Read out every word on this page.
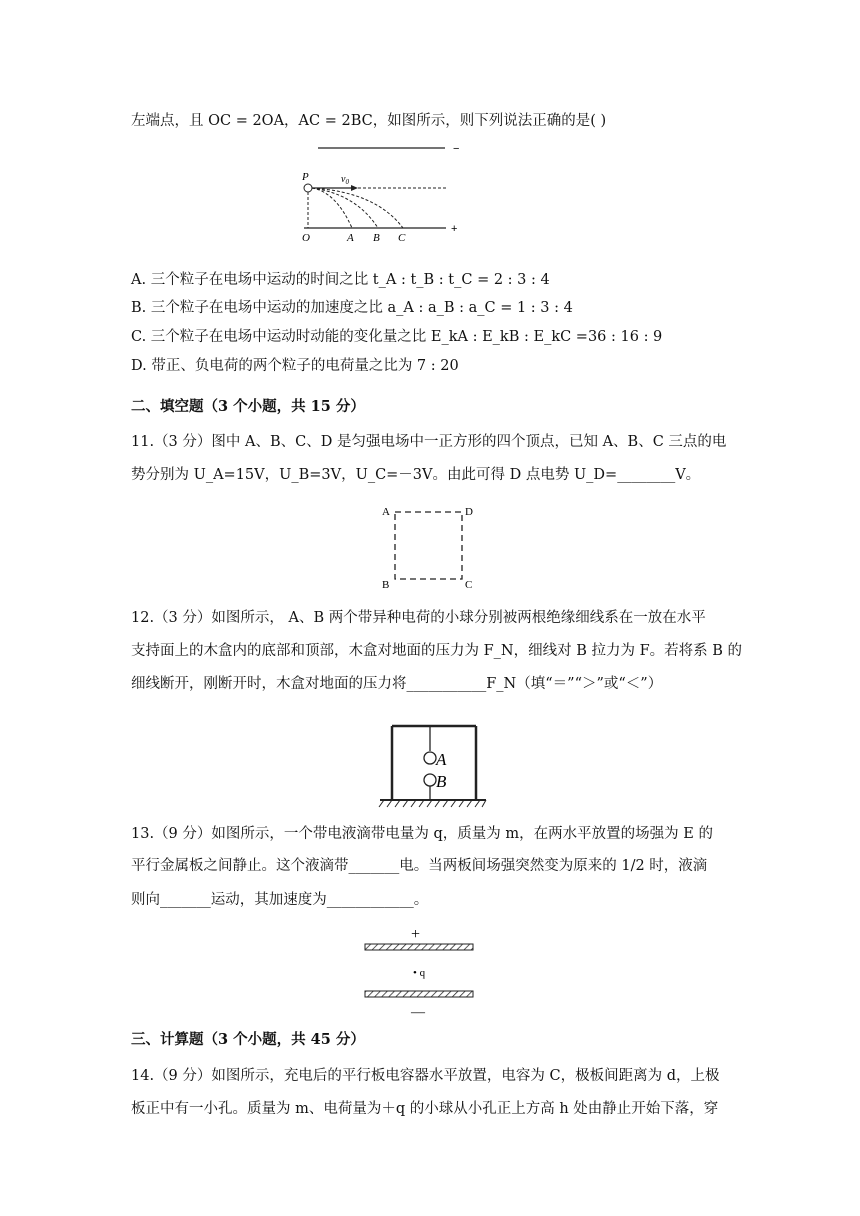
左端点，且 OC = 2OA，AC = 2BC，如图所示，则下列说法正确的是( )
−
P	$v_0$
+
O	A B C
A. 三个粒子在电场中运动的时间之比 t_A : t_B : t_C = 2 : 3 : 4
B. 三个粒子在电场中运动的加速度之比 a_A : a_B : a_C = 1 : 3 : 4
C. 三个粒子在电场中运动时动能的变化量之比 E_kA : E_kB : E_kC =36 : 16 : 9
D. 带正、负电荷的两个粒子的电荷量之比为 7 : 20
二、填空题（3 个小题，共 15 分）
11.（3 分）图中 A、B、C、D 是匀强电场中一正方形的四个顶点，已知 A、B、C 三点的电
势分别为 U_A=15V，U_B=3V，U_C=－3V。由此可得 D 点电势 U_D=________V。
A	D
B	C
12.（3 分）如图所示， A、B 两个带异种电荷的小球分别被两根绝缘细线系在一放在水平
支持面上的木盒内的底部和顶部，木盒对地面的压力为 F_N，细线对 B 拉力为 F。若将系 B 的
细线断开，刚断开时，木盒对地面的压力将___________F_N（填“＝”“＞”或“＜”）
A
B
13.（9 分）如图所示，一个带电液滴带电量为 q，质量为 m，在两水平放置的场强为 E 的
平行金属板之间静止。这个液滴带_______电。当两板间场强突然变为原来的 1/2 时，液滴
则向_______运动，其加速度为____________。
+
• q
—
三、计算题（3 个小题，共 45 分）
14.（9 分）如图所示，充电后的平行板电容器水平放置，电容为 C，极板间距离为 d，上极
板正中有一小孔。质量为 m、电荷量为＋q 的小球从小孔正上方高 h 处由静止开始下落，穿
